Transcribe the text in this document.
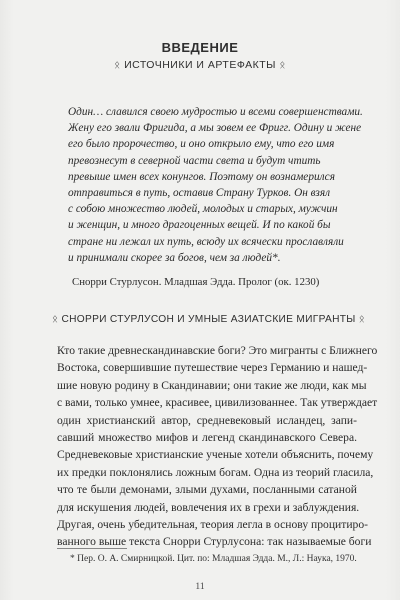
ВВЕДЕНИЕ
ᛟ ИСТОЧНИКИ И АРТЕФАКТЫ ᛟ
Один… славился своею мудростью и всеми совершенствами.
Жену его звали Фригида, а мы зовем ее Фригг. Одину и жене
его было пророчество, и оно открыло ему, что его имя
превознесут в северной части света и будут чтить
превыше имен всех конунгов. Поэтому он вознамерился
отправиться в путь, оставив Страну Турков. Он взял
с собою множество людей, молодых и старых, мужчин
и женщин, и много драгоценных вещей. И по какой бы
стране ни лежал их путь, всюду их всячески прославляли
и принимали скорее за богов, чем за людей*.
Снорри Стурлусон. Младшая Эдда. Пролог (ок. 1230)
ᛟ СНОРРИ СТУРЛУСОН И УМНЫЕ АЗИАТСКИЕ МИГРАНТЫ ᛟ
Кто такие древнескандинавские боги? Это мигранты с Ближнего
Востока, совершившие путешествие через Германию и нашед-
шие новую родину в Скандинавии; они такие же люди, как мы
с вами, только умнее, красивее, цивилизованнее. Так утверждает
один христианский автор, средневековый исландец, запи-
савший множество мифов и легенд скандинавского Севера.
Средневековые христианские ученые хотели объяснить, почему
их предки поклонялись ложным богам. Одна из теорий гласила,
что те были демонами, злыми духами, посланными сатаной
для искушения людей, вовлечения их в грехи и заблуждения.
Другая, очень убедительная, теория легла в основу процитиро-
ванного выше текста Снорри Стурлусона: так называемые боги
* Пер. О. А. Смирницкой. Цит. по: Младшая Эдда. М., Л.: Наука, 1970.
11
